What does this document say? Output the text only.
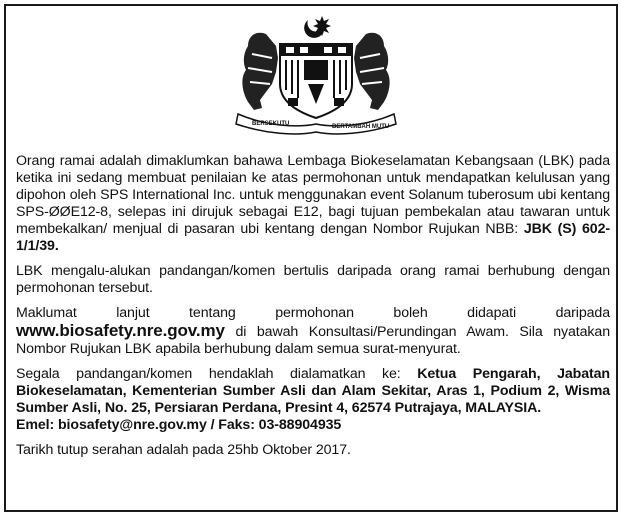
BERSEKUTU	BERTAMBAH MUTU

Orang ramai adalah dimaklumkan bahawa Lembaga Biokeselamatan Kebangsaan (LBK) pada ketika ini sedang membuat penilaian ke atas permohonan untuk mendapatkan kelulusan yang dipohon oleh SPS International Inc. untuk menggunakan event Solanum tuberosum ubi kentang SPS-ØØE12-8, selepas ini dirujuk sebagai E12, bagi tujuan pembekalan atau tawaran untuk membekalkan/ menjual di pasaran ubi kentang dengan Nombor Rujukan NBB: JBK (S) 602-1/1/39.

LBK mengalu-alukan pandangan/komen bertulis daripada orang ramai berhubung dengan permohonan tersebut.

Maklumat lanjut tentang permohonan boleh didapati daripada
www.biosafety.nre.gov.my di bawah Konsultasi/Perundingan Awam. Sila nyatakan Nombor Rujukan LBK apabila berhubung dalam semua surat-menyurat.

Segala pandangan/komen hendaklah dialamatkan ke: Ketua Pengarah, Jabatan Biokeselamatan, Kementerian Sumber Asli dan Alam Sekitar, Aras 1, Podium 2, Wisma Sumber Asli, No. 25, Persiaran Perdana, Presint 4, 62574 Putrajaya, MALAYSIA.
Emel: biosafety@nre.gov.my / Faks: 03-88904935

Tarikh tutup serahan adalah pada 25hb Oktober 2017.
